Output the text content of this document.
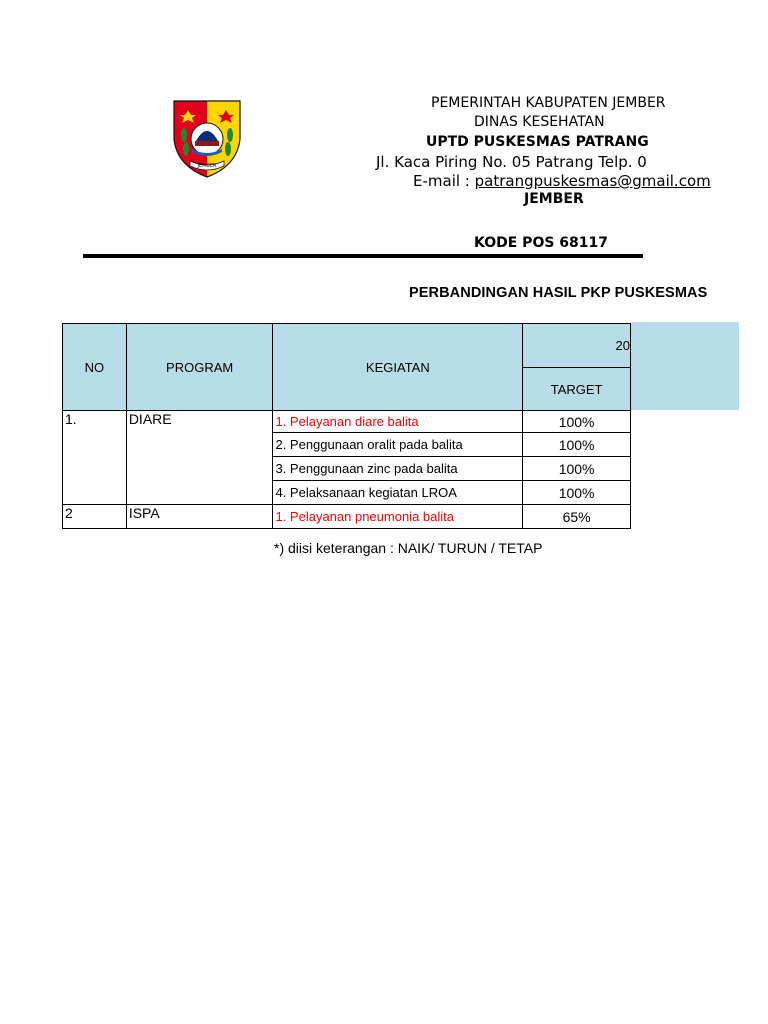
JEMBER
PEMERINTAH KABUPATEN JEMBER
DINAS KESEHATAN
UPTD PUSKESMAS PATRANG
Jl. Kaca Piring No. 05 Patrang Telp. 0
E-mail : patrangpuskesmas@gmail.com
JEMBER
KODE POS 68117
PERBANDINGAN HASIL PKP PUSKESMAS
NO	PROGRAM	KEGIATAN	20
			TARGET
1.	DIARE	1. Pelayanan diare balita	100%
		2. Penggunaan oralit pada balita	100%
		3. Penggunaan zinc pada balita	100%
		4. Pelaksanaan kegiatan LROA	100%
2	ISPA	1. Pelayanan pneumonia balita	65%
*) diisi keterangan : NAIK/ TURUN / TETAP
